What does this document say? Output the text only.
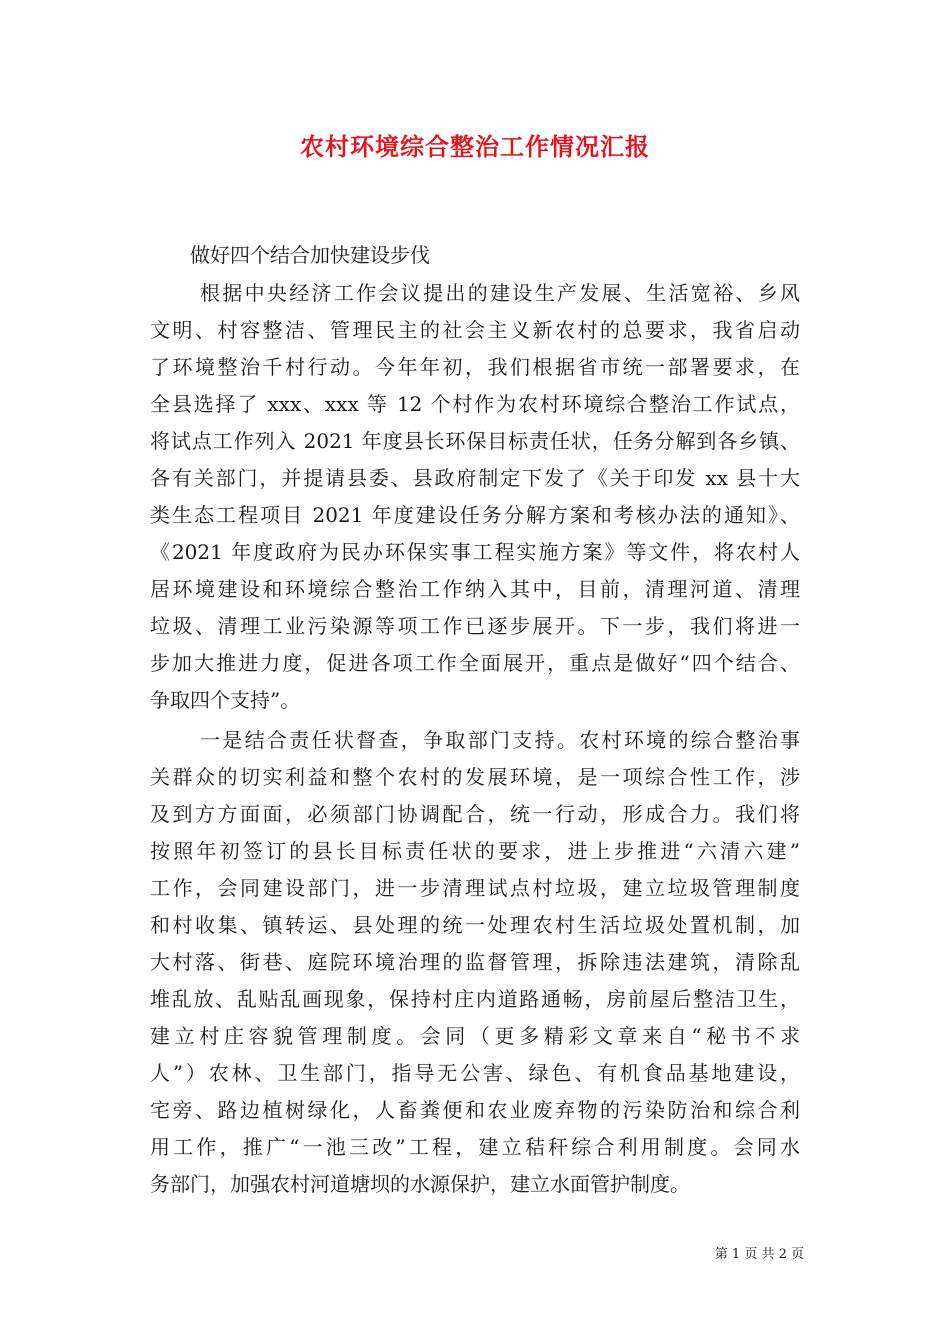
农村环境综合整治工作情况汇报
做好四个结合加快建设步伐
根据中央经济工作会议提出的建设生产发展、生活宽裕、乡风
文明、村容整洁、管理民主的社会主义新农村的总要求，我省启动
了环境整治千村行动。今年年初，我们根据省市统一部署要求，在
全县选择了 xxx、xxx 等 12 个村作为农村环境综合整治工作试点，
将试点工作列入 2021 年度县长环保目标责任状，任务分解到各乡镇、
各有关部门，并提请县委、县政府制定下发了《关于印发 xx 县十大
类生态工程项目 2021 年度建设任务分解方案和考核办法的通知》、
《2021 年度政府为民办环保实事工程实施方案》等文件，将农村人
居环境建设和环境综合整治工作纳入其中，目前，清理河道、清理
垃圾、清理工业污染源等项工作已逐步展开。下一步，我们将进一
步加大推进力度，促进各项工作全面展开，重点是做好“四个结合、
争取四个支持”。
一是结合责任状督查，争取部门支持。农村环境的综合整治事
关群众的切实利益和整个农村的发展环境，是一项综合性工作，涉
及到方方面面，必须部门协调配合，统一行动，形成合力。我们将
按照年初签订的县长目标责任状的要求，进上步推进“六清六建”
工作，会同建设部门，进一步清理试点村垃圾，建立垃圾管理制度
和村收集、镇转运、县处理的统一处理农村生活垃圾处置机制，加
大村落、街巷、庭院环境治理的监督管理，拆除违法建筑，清除乱
堆乱放、乱贴乱画现象，保持村庄内道路通畅，房前屋后整洁卫生，
建立村庄容貌管理制度。会同（更多精彩文章来自“秘书不求
人”）农林、卫生部门，指导无公害、绿色、有机食品基地建设，
宅旁、路边植树绿化，人畜粪便和农业废弃物的污染防治和综合利
用工作，推广“一池三改”工程，建立秸秆综合利用制度。会同水
务部门，加强农村河道塘坝的水源保护，建立水面管护制度。
第 1 页 共 2 页
